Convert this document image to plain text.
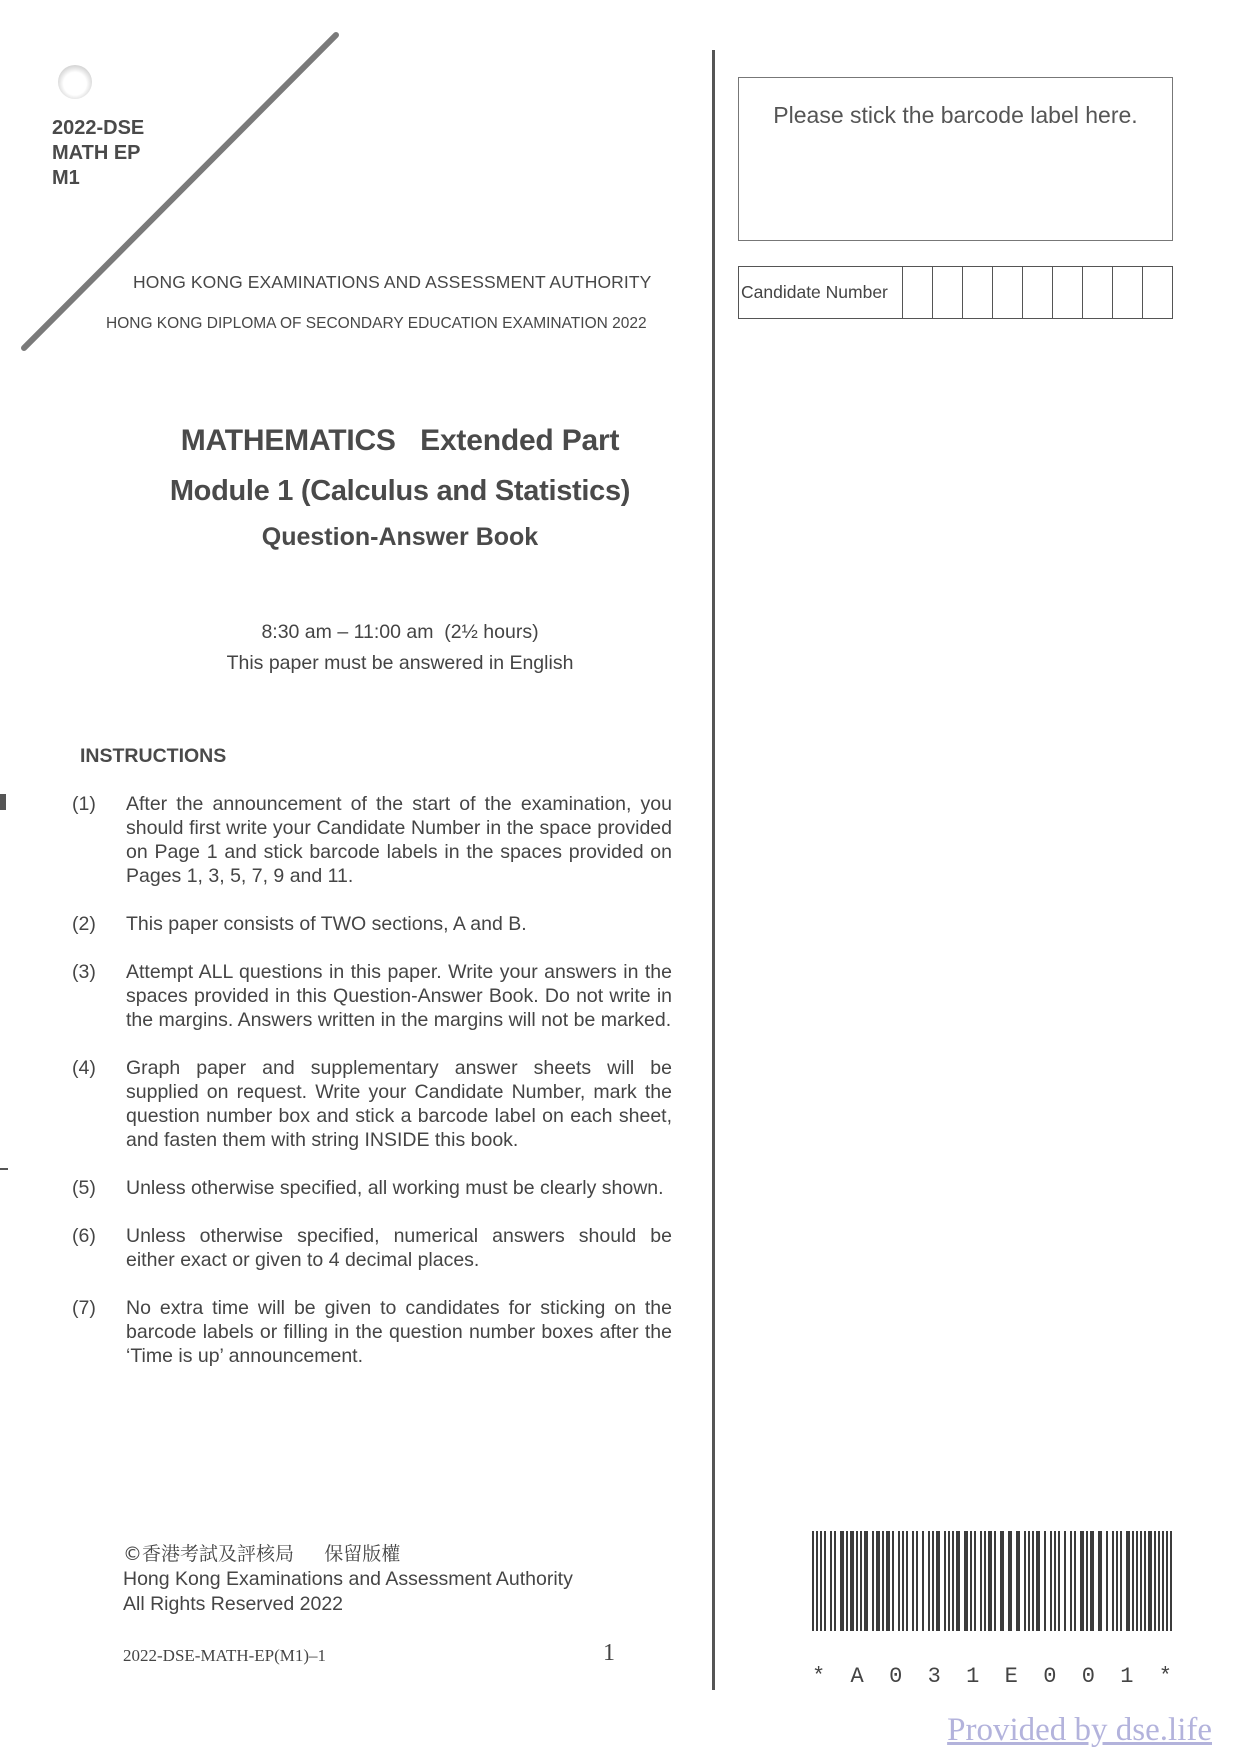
2022-DSE
MATH EP
M1
HONG KONG EXAMINATIONS AND ASSESSMENT AUTHORITY
HONG KONG DIPLOMA OF SECONDARY EDUCATION EXAMINATION 2022
Please stick the barcode label here.
Candidate Number
MATHEMATICS   Extended Part
Module 1 (Calculus and Statistics)
Question-Answer Book
8:30 am – 11:00 am  (2½ hours)
This paper must be answered in English
INSTRUCTIONS
(1)	After the announcement of the start of the examination, you should first write your Candidate Number in the space provided on Page 1 and stick barcode labels in the spaces provided on Pages 1, 3, 5, 7, 9 and 11.
(2)	This paper consists of TWO sections, A and B.
(3)	Attempt ALL questions in this paper. Write your answers in the spaces provided in this Question-Answer Book. Do not write in the margins. Answers written in the margins will not be marked.
(4)	Graph paper and supplementary answer sheets will be supplied on request. Write your Candidate Number, mark the question number box and stick a barcode label on each sheet, and fasten them with string INSIDE this book.
(5)	Unless otherwise specified, all working must be clearly shown.
(6)	Unless otherwise specified, numerical answers should be either exact or given to 4 decimal places.
(7)	No extra time will be given to candidates for sticking on the barcode labels or filling in the question number boxes after the ‘Time is up’ announcement.
©香港考試及評核局     保留版權
Hong Kong Examinations and Assessment Authority
All Rights Reserved 2022
2022-DSE-MATH-EP(M1)–1	1
* A 0 3 1 E 0 0 1 *
Provided by dse.life
